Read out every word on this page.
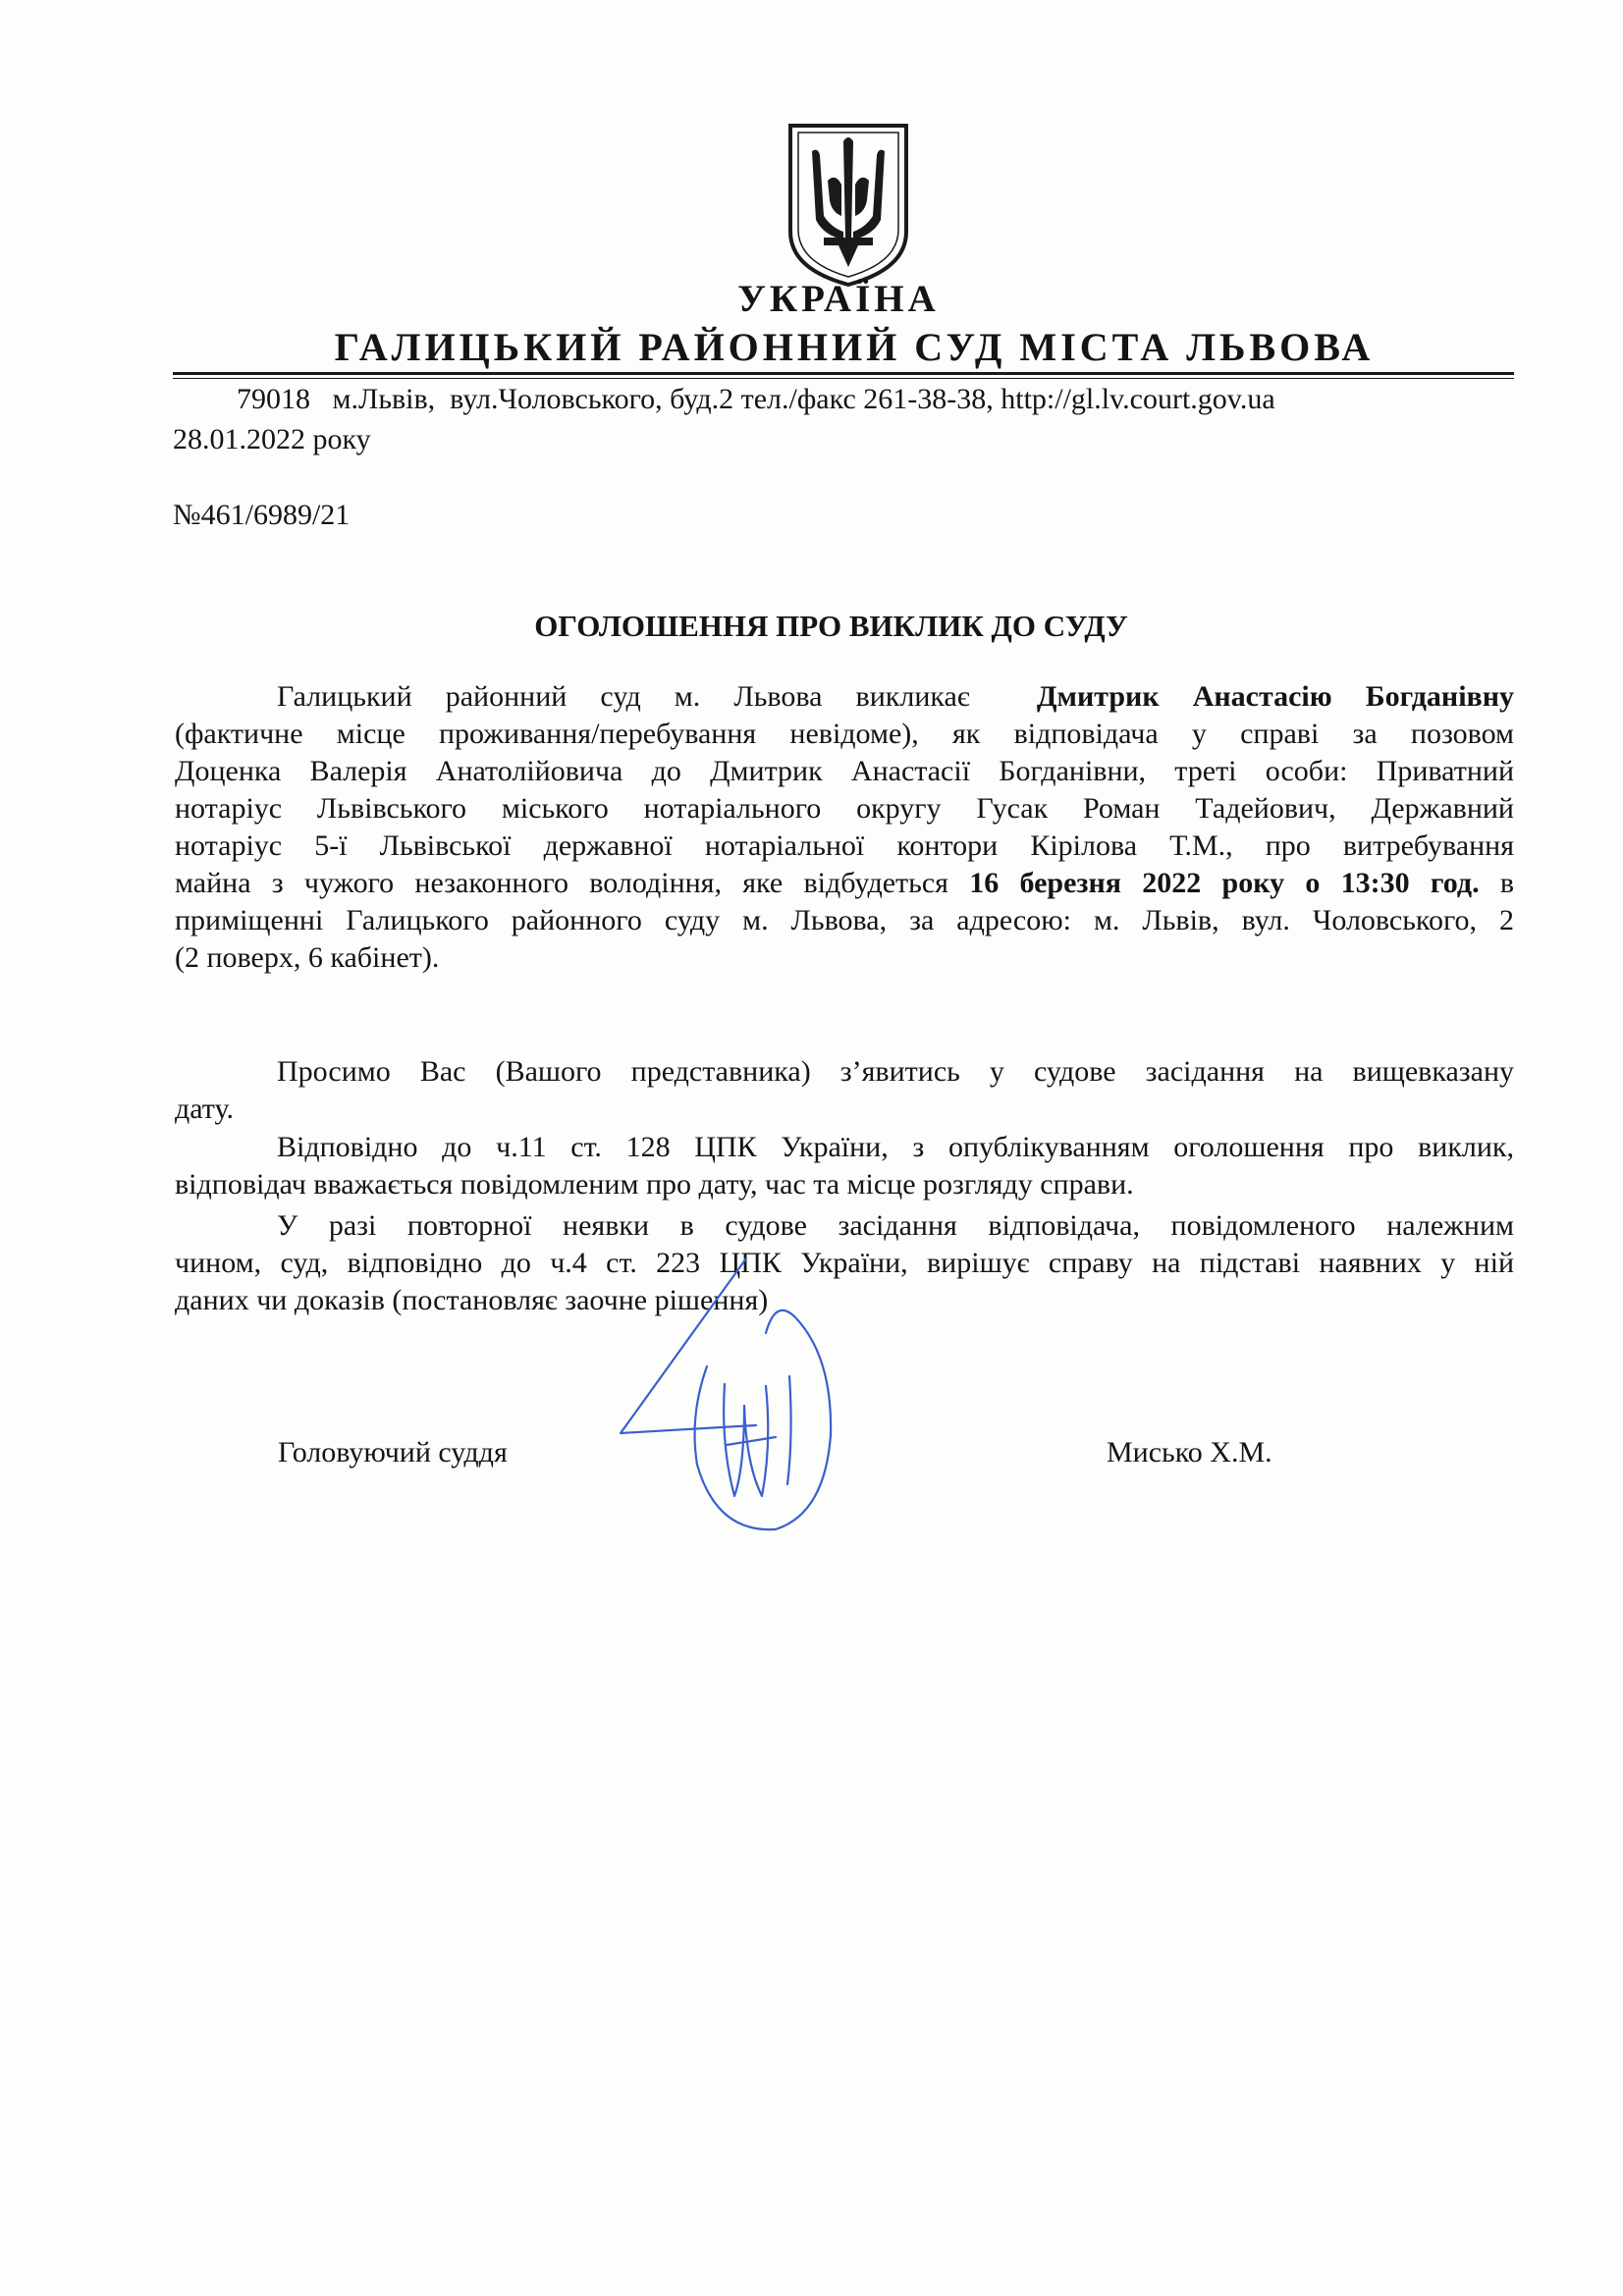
УКРАЇНА
ГАЛИЦЬКИЙ РАЙОННИЙ СУД МІСТА ЛЬВОВА
79018   м.Львів,  вул.Чоловського, буд.2 тел./факс 261-38-38, http://gl.lv.court.gov.ua
28.01.2022 року
№461/6989/21
ОГОЛОШЕННЯ ПРО ВИКЛИК ДО СУДУ
Галицький районний суд м. Львова викликає Дмитрик Анастасію Богданівну
(фактичне місце проживання/перебування невідоме), як відповідача у справі за позовом
Доценка Валерія Анатолійовича до Дмитрик Анастасії Богданівни, треті особи: Приватний
нотаріус Львівського міського нотаріального округу Гусак Роман Тадейович, Державний
нотаріус 5-ї Львівської державної нотаріальної контори Кірілова Т.М., про витребування
майна з чужого незаконного володіння, яке відбудеться 16 березня 2022 року о 13:30 год. в
приміщенні Галицького районного суду м. Львова, за адресою: м. Львів, вул. Чоловського, 2
(2 поверх, 6 кабінет).
Просимо Вас (Вашого представника) з’явитись у судове засідання на вищевказану
дату.
Відповідно до ч.11 ст. 128 ЦПК України, з опублікуванням оголошення про виклик,
відповідач вважається повідомленим про дату, час та місце розгляду справи.
У разі повторної неявки в судове засідання відповідача, повідомленого належним
чином, суд, відповідно до ч.4 ст. 223 ЦПК України, вирішує справу на підставі наявних у ній
даних чи доказів (постановляє заочне рішення)
Головуючий суддя	Мисько Х.М.
